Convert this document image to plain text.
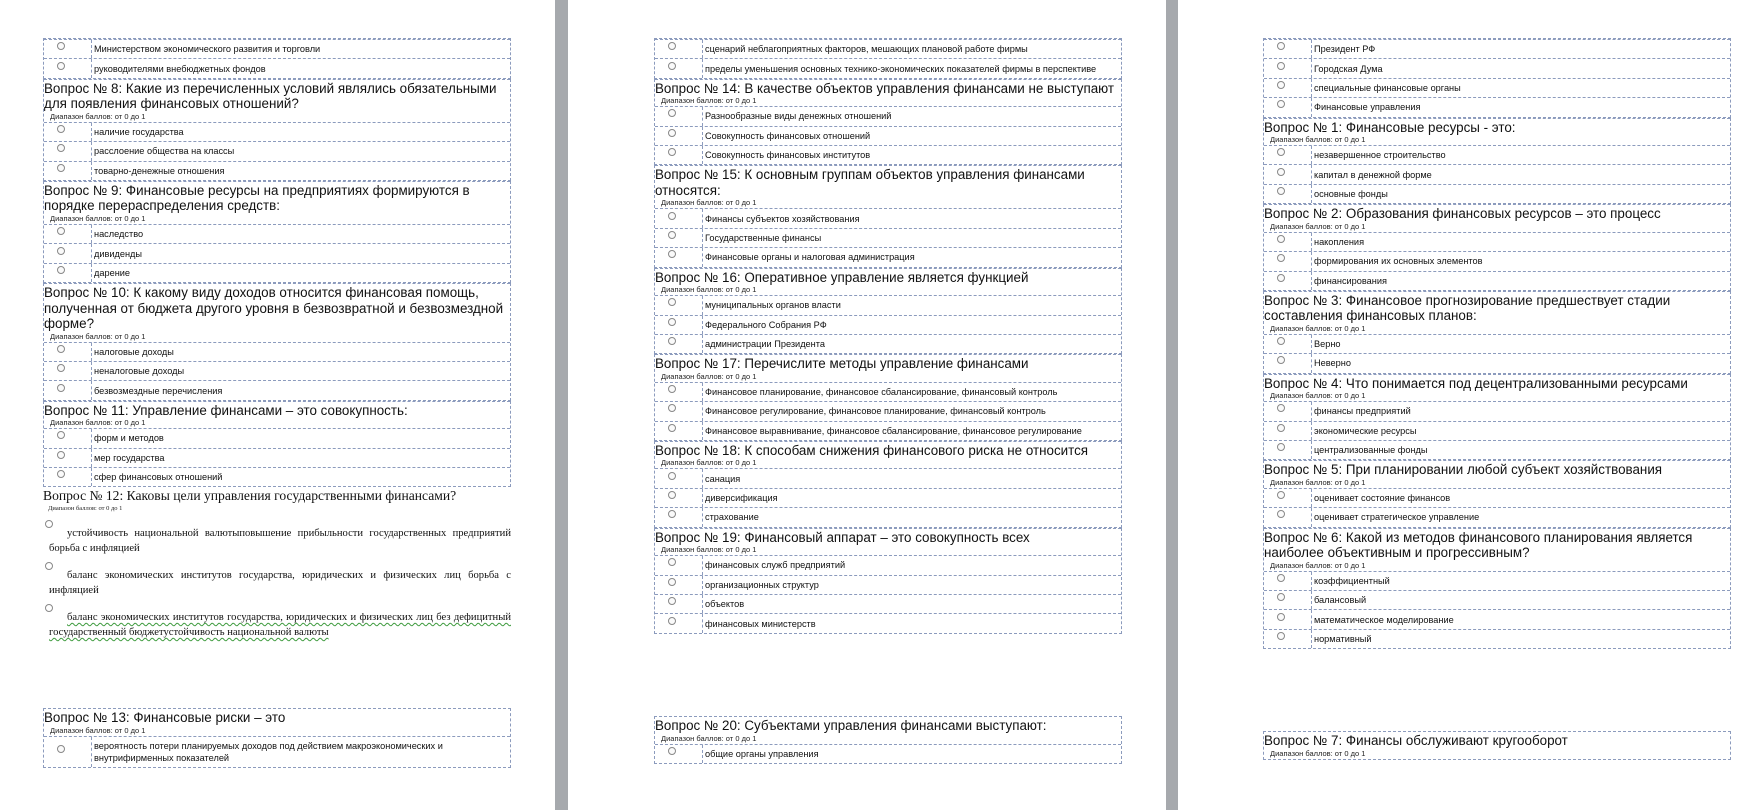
Министерством экономического развития и торговли
руководителями внебюджетных фондов
Вопрос № 8: Какие из перечисленных условий являлись обязательными для появления финансовых отношений?
Диапазон баллов: от 0 до 1
наличие государства
расслоение общества на классы
товарно-денежные отношения
Вопрос № 9: Финансовые ресурсы на предприятиях формируются в порядке перераспределения средств:
Диапазон баллов: от 0 до 1
наследство
дивиденды
дарение
Вопрос № 10: К какому виду доходов относится финансовая помощь, полученная от бюджета другого уровня в безвозвратной и безвозмездной форме?
Диапазон баллов: от 0 до 1
налоговые доходы
неналоговые доходы
безвозмездные перечисления
Вопрос № 11: Управление финансами – это совокупность:
Диапазон баллов: от 0 до 1
форм и методов
мер государства
сфер финансовых отношений
Вопрос № 12: Каковы цели управления государственными финансами?
Диапазон баллов: от 0 до 1
устойчивость национальной валютыповышение прибыльности государственных предприятий борьба с инфляцией
баланс экономических институтов государства, юридических и физических лиц борьба с инфляцией
баланс экономических институтов государства, юридических и физических лиц без дефицитный государственный бюджетустойчивость национальной валюты
Вопрос № 13: Финансовые риски – это
Диапазон баллов: от 0 до 1
вероятность потери планируемых доходов под действием макроэкономических и внутрифирменных показателей
сценарий неблагоприятных факторов, мешающих плановой работе фирмы
пределы уменьшения основных технико-экономических показателей фирмы в перспективе
Вопрос № 14: В качестве объектов управления финансами не выступают
Диапазон баллов: от 0 до 1
Разнообразные виды денежных отношений
Совокупность финансовых отношений
Совокупность финансовых институтов
Вопрос № 15: К основным группам объектов управления финансами относятся:
Диапазон баллов: от 0 до 1
Финансы субъектов хозяйствования
Государственные финансы
Финансовые органы и налоговая администрация
Вопрос № 16: Оперативное управление является функцией
Диапазон баллов: от 0 до 1
муниципальных органов власти
Федерального Собрания РФ
администрации Президента
Вопрос № 17: Перечислите методы управление финансами
Диапазон баллов: от 0 до 1
Финансовое планирование, финансовое сбалансирование, финансовый контроль
Финансовое регулирование, финансовое планирование, финансовый контроль
Финансовое выравнивание, финансовое сбалансирование, финансовое регулирование
Вопрос № 18: К способам снижения финансового риска не относится
Диапазон баллов: от 0 до 1
санация
диверсификация
страхование
Вопрос № 19: Финансовый аппарат – это совокупность всех
Диапазон баллов: от 0 до 1
финансовых служб предприятий
организационных структур
объектов
финансовых министерств
Вопрос № 20: Субъектами управления финансами выступают:
Диапазон баллов: от 0 до 1
общие органы управления
Президент РФ
Городская Дума
специальные финансовые органы
Финансовые управления
Вопрос № 1: Финансовые ресурсы - это:
Диапазон баллов: от 0 до 1
незавершенное строительство
капитал в денежной форме
основные фонды
Вопрос № 2: Образования финансовых ресурсов – это процесс
Диапазон баллов: от 0 до 1
накопления
формирования их основных элементов
финансирования
Вопрос № 3: Финансовое прогнозирование предшествует стадии составления финансовых планов:
Диапазон баллов: от 0 до 1
Верно
Неверно
Вопрос № 4: Что понимается под децентрализованными ресурсами
Диапазон баллов: от 0 до 1
финансы предприятий
экономические ресурсы
централизованные фонды
Вопрос № 5: При планировании любой субъект хозяйствования
Диапазон баллов: от 0 до 1
оценивает состояние финансов
оценивает стратегическое управление
Вопрос № 6: Какой из методов финансового планирования является наиболее объективным и прогрессивным?
Диапазон баллов: от 0 до 1
коэффициентный
балансовый
математическое моделирование
нормативный
Вопрос № 7: Финансы обслуживают кругооборот
Диапазон баллов: от 0 до 1
